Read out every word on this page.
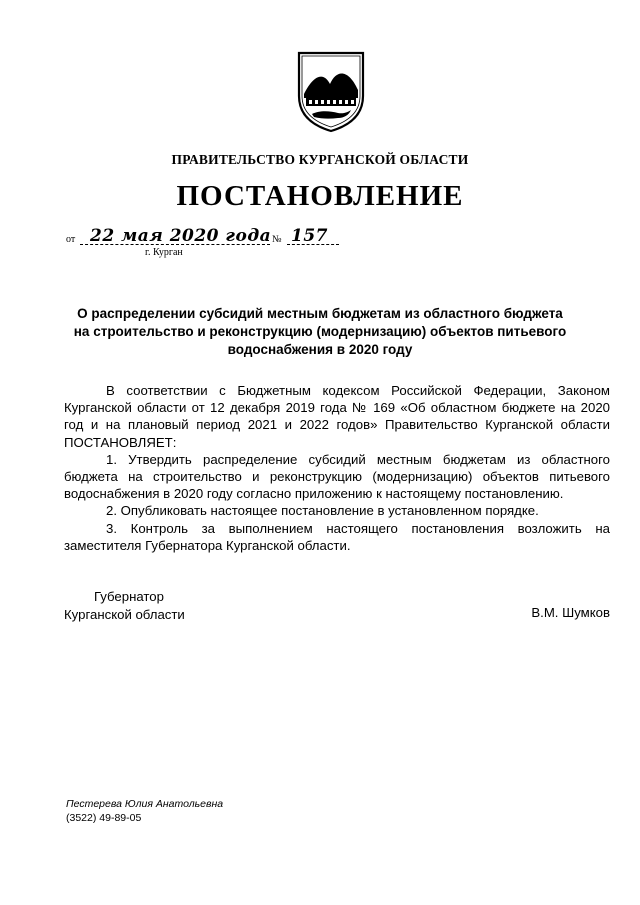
ПРАВИТЕЛЬСТВО КУРГАНСКОЙ ОБЛАСТИ
ПОСТАНОВЛЕНИЕ
от 22 мая 2020 года № 157
г. Курган
О распределении субсидий местным бюджетам из областного бюджета
на строительство и реконструкцию (модернизацию) объектов питьевого
водоснабжения в 2020 году

В соответствии с Бюджетным кодексом Российской Федерации, Законом Курганской области от 12 декабря 2019 года № 169 «Об областном бюджете на 2020 год и на плановый период 2021 и 2022 годов» Правительство Курганской области ПОСТАНОВЛЯЕТ:

1. Утвердить распределение субсидий местным бюджетам из областного бюджета на строительство и реконструкцию (модернизацию) объектов питьевого водоснабжения в 2020 году согласно приложению к настоящему постановлению.

2. Опубликовать настоящее постановление в установленном порядке.

3. Контроль за выполнением настоящего постановления возложить на заместителя Губернатора Курганской области.

Губернатор
Курганской области	В.М. Шумков
Пестерева Юлия Анатольевна
(3522) 49-89-05
